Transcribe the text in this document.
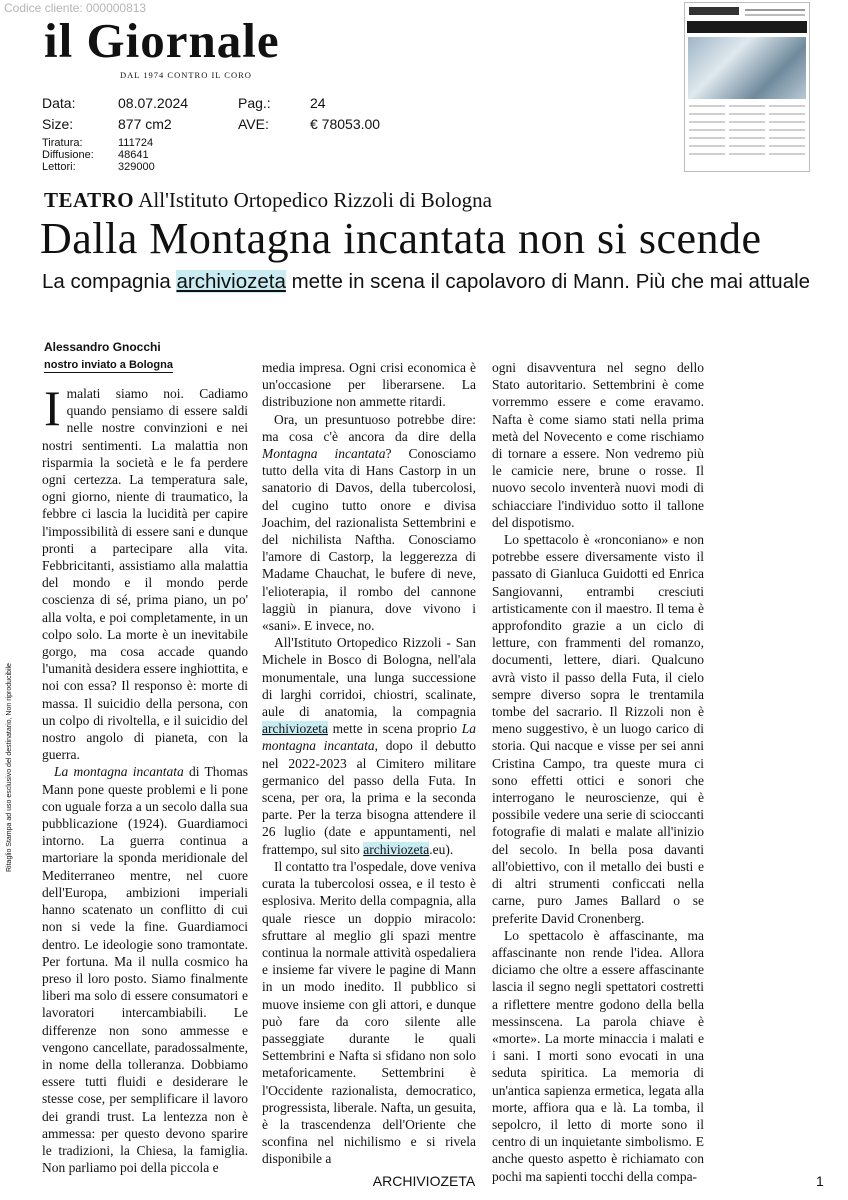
Codice cliente: 000000813
il Giornale
DAL 1974 CONTRO IL CORO
Data:	08.07.2024	Pag.:	24
Size:	877 cm2	AVE:	€ 78053.00
Tiratura:	111724
Diffusione: 48641
Lettori:	329000
TEATRO All'Istituto Ortopedico Rizzoli di Bologna
Dalla Montagna incantata non si scende
La compagnia archiviozeta mette in scena il capolavoro di Mann. Più che mai attuale
Alessandro Gnocchi
nostro inviato a Bologna
Ritaglio Stampa ad uso esclusivo del destinatario, Non riproducibile

Imalati siamo noi. Cadiamo quando pensiamo di essere saldi nelle nostre convinzioni e nei nostri sentimenti. La malattia non risparmia la società e le fa perdere ogni certezza. La temperatura sale, ogni giorno, niente di traumatico, la febbre ci lascia la lucidità per capire l'impossibilità di essere sani e dunque pronti a partecipare alla vita. Febbricitanti, assistiamo alla malattia del mondo e il mondo perde coscienza di sé, prima piano, un po' alla volta, e poi completamente, in un colpo solo. La morte è un inevitabile gorgo, ma cosa accade quando l'umanità desidera essere inghiottita, e noi con essa? Il responso è: morte di massa. Il suicidio della persona, con un colpo di rivoltella, e il suicidio del nostro angolo di pianeta, con la guerra.

La montagna incantata di Thomas Mann pone queste problemi e li pone con uguale forza a un secolo dalla sua pubblicazione (1924). Guardiamoci intorno. La guerra continua a martoriare la sponda meridionale del Mediterraneo mentre, nel cuore dell'Europa, ambizioni imperiali hanno scatenato un conflitto di cui non si vede la fine. Guardiamoci dentro. Le ideologie sono tramontate. Per fortuna. Ma il nulla cosmico ha preso il loro posto. Siamo finalmente liberi ma solo di essere consumatori e lavoratori intercambiabili. Le differenze non sono ammesse e vengono cancellate, paradossalmente, in nome della tolleranza. Dobbiamo essere tutti fluidi e desiderare le stesse cose, per semplificare il lavoro dei grandi trust. La lentezza non è ammessa: per questo devono sparire le tradizioni, la Chiesa, la famiglia. Non parliamo poi della piccola e

media impresa. Ogni crisi economica è un'occasione per liberarsene. La distribuzione non ammette ritardi.

Ora, un presuntuoso potrebbe dire: ma cosa c'è ancora da dire della Montagna incantata? Conosciamo tutto della vita di Hans Castorp in un sanatorio di Davos, della tubercolosi, del cugino tutto onore e divisa Joachim, del razionalista Settembrini e del nichilista Naftha. Conosciamo l'amore di Castorp, la leggerezza di Madame Chauchat, le bufere di neve, l'elioterapia, il rombo del cannone laggiù in pianura, dove vivono i «sani». E invece, no.

All'Istituto Ortopedico Rizzoli - San Michele in Bosco di Bologna, nell'ala monumentale, una lunga successione di larghi corridoi, chiostri, scalinate, aule di anatomia, la compagnia archiviozeta mette in scena proprio La montagna incantata, dopo il debutto nel 2022-2023 al Cimitero militare germanico del passo della Futa. In scena, per ora, la prima e la seconda parte. Per la terza bisogna attendere il 26 luglio (date e appuntamenti, nel frattempo, sul sito archiviozeta.eu).

Il contatto tra l'ospedale, dove veniva curata la tubercolosi ossea, e il testo è esplosiva. Merito della compagnia, alla quale riesce un doppio miracolo: sfruttare al meglio gli spazi mentre continua la normale attività ospedaliera e insieme far vivere le pagine di Mann in un modo inedito. Il pubblico si muove insieme con gli attori, e dunque può fare da coro silente alle passeggiate durante le quali Settembrini e Nafta si sfidano non solo metaforicamente. Settembrini è l'Occidente razionalista, democratico, progressista, liberale. Nafta, un gesuita, è la trascendenza dell'Oriente che sconfina nel nichilismo e si rivela disponibile a

ogni disavventura nel segno dello Stato autoritario. Settembrini è come vorremmo essere e come eravamo. Nafta è come siamo stati nella prima metà del Novecento e come rischiamo di tornare a essere. Non vedremo più le camicie nere, brune o rosse. Il nuovo secolo inventerà nuovi modi di schiacciare l'individuo sotto il tallone del dispotismo.

Lo spettacolo è «ronconiano» e non potrebbe essere diversamente visto il passato di Gianluca Guidotti ed Enrica Sangiovanni, entrambi cresciuti artisticamente con il maestro. Il tema è approfondito grazie a un ciclo di letture, con frammenti del romanzo, documenti, lettere, diari. Qualcuno avrà visto il passo della Futa, il cielo sempre diverso sopra le trentamila tombe del sacrario. Il Rizzoli non è meno suggestivo, è un luogo carico di storia. Qui nacque e visse per sei anni Cristina Campo, tra queste mura ci sono effetti ottici e sonori che interrogano le neuroscienze, qui è possibile vedere una serie di scioccanti fotografie di malati e malate all'inizio del secolo. In bella posa davanti all'obiettivo, con il metallo dei busti e di altri strumenti conficcati nella carne, puro James Ballard o se preferite David Cronenberg.

Lo spettacolo è affascinante, ma affascinante non rende l'idea. Allora diciamo che oltre a essere affascinante lascia il segno negli spettatori costretti a riflettere mentre godono della bella messinscena. La parola chiave è «morte». La morte minaccia i malati e i sani. I morti sono evocati in una seduta spiritica. La memoria di un'antica sapienza ermetica, legata alla morte, affiora qua e là. La tomba, il sepolcro, il letto di morte sono il centro di un inquietante simbolismo. E anche questo aspetto è richiamato con pochi ma sapienti tocchi della compa-

ARCHIVIOZETA	1
